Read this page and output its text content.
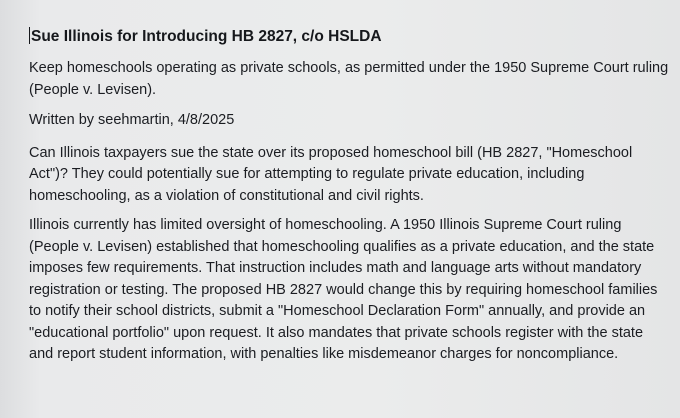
Sue Illinois for Introducing HB 2827, c/o HSLDA

Keep homeschools operating as private schools, as permitted under the 1950 Supreme Court ruling (People v. Levisen).

Written by seehmartin, 4/8/2025

Can Illinois taxpayers sue the state over its proposed homeschool bill (HB 2827, "Homeschool Act")? They could potentially sue for attempting to regulate private education, including homeschooling, as a violation of constitutional and civil rights.

Illinois currently has limited oversight of homeschooling. A 1950 Illinois Supreme Court ruling (People v. Levisen) established that homeschooling qualifies as a private education, and the state imposes few requirements. That instruction includes math and language arts without mandatory registration or testing. The proposed HB 2827 would change this by requiring homeschool families to notify their school districts, submit a "Homeschool Declaration Form" annually, and provide an "educational portfolio" upon request. It also mandates that private schools register with the state and report student information, with penalties like misdemeanor charges for noncompliance.
